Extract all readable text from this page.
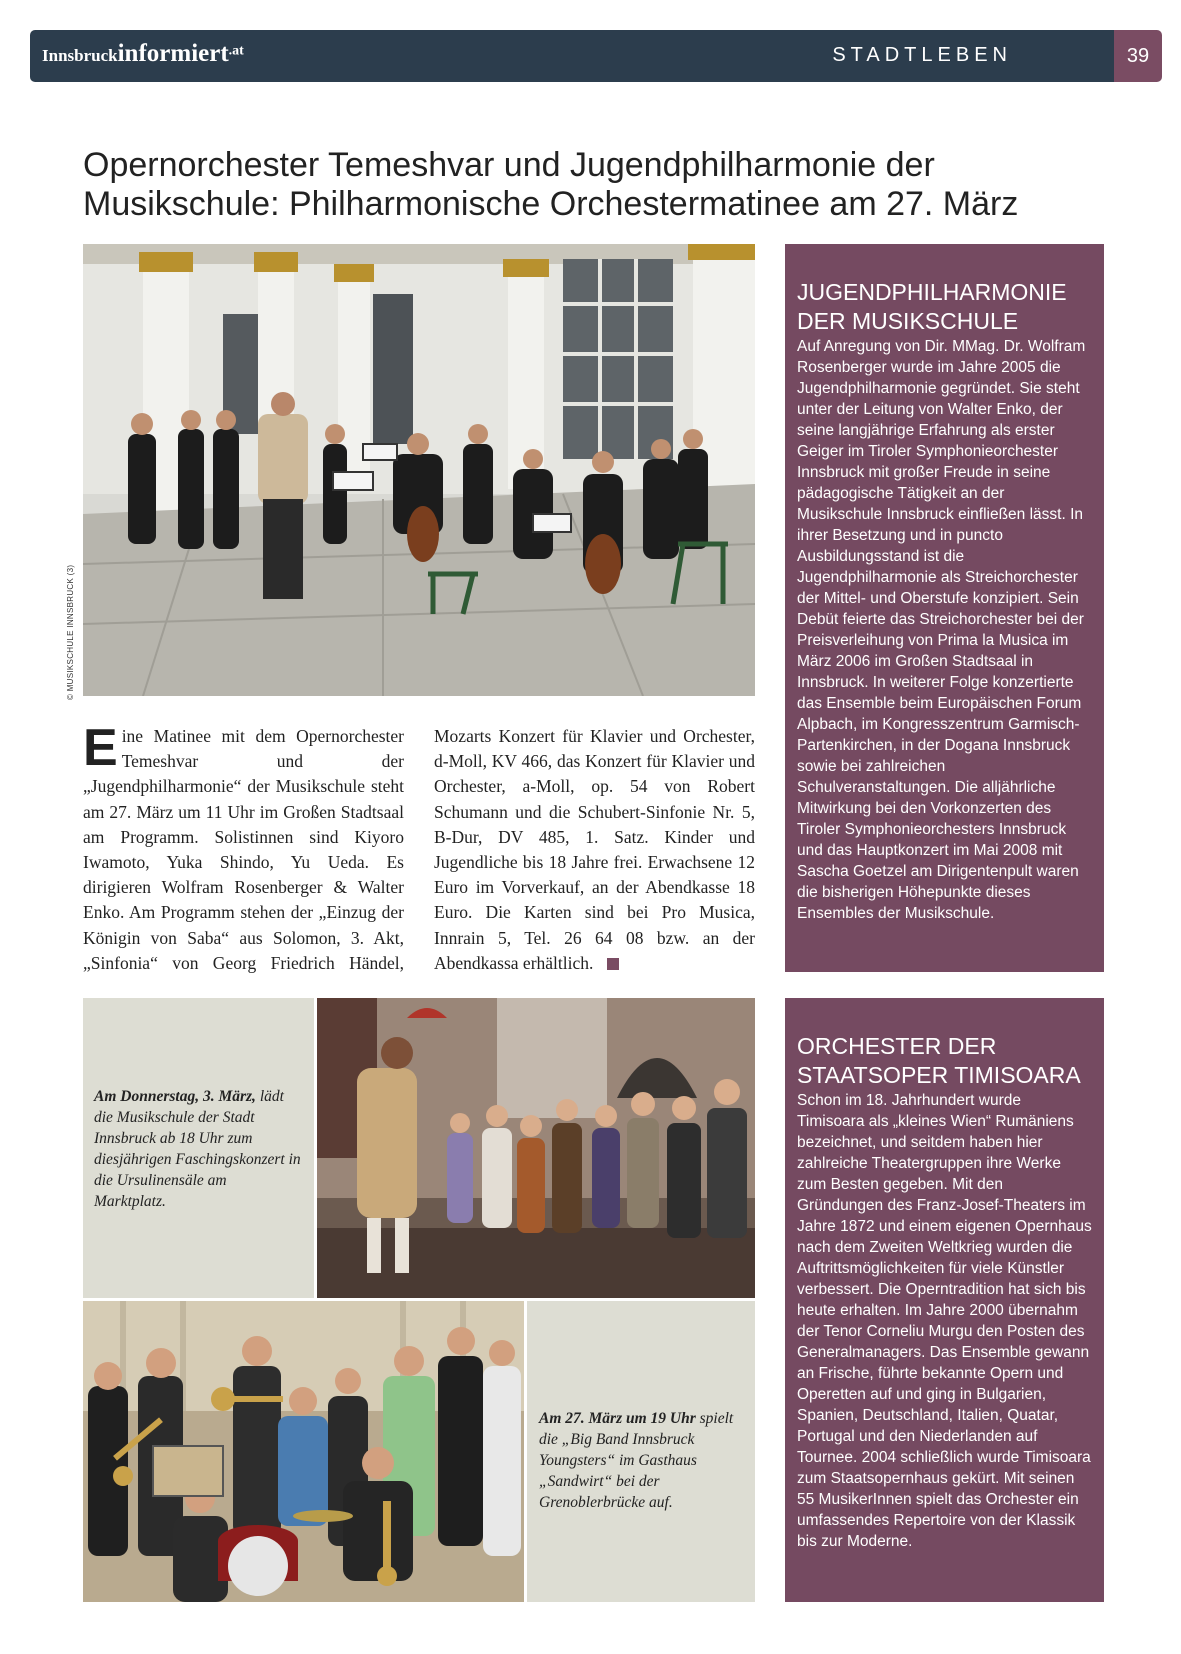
Innsbruckinformiert.at	STADTLEBEN	39
Opernorchester Temeshvar und Jugendphilharmonie der Musikschule: Philharmonische Orchestermatinee am 27. März
© MUSIKSCHULE INNSBRUCK (3)
Eine Matinee mit dem Opernorchester Temeshvar und der „Jugendphilharmonie“ der Musikschule steht am 27. März um 11 Uhr im Großen Stadtsaal am Programm. Solistinnen sind Kiyoro Iwamoto, Yuka Shindo, Yu Ueda. Es dirigieren Wolfram Rosenberger & Walter Enko. Am Programm stehen der „Einzug der Königin von Saba“ aus Solomon, 3. Akt, „Sinfonia“ von Georg Friedrich Händel, Mozarts Konzert für Klavier und Orchester, d-Moll, KV 466, das Konzert für Klavier und Orchester, a-Moll, op. 54 von Robert Schumann und die Schubert-Sinfonie Nr. 5, B-Dur, DV 485, 1. Satz. Kinder und Jugendliche bis 18 Jahre frei. Erwachsene 12 Euro im Vorverkauf, an der Abendkasse 18 Euro. Die Karten sind bei Pro Musica, Innrain 5, Tel. 26 64 08 bzw. an der Abendkassa erhältlich.
JUGENDPHILHARMONIE
DER MUSIKSCHULE

Auf Anregung von Dir. MMag. Dr. Wolfram Rosenberger wurde im Jahre 2005 die Jugendphilharmonie gegründet. Sie steht unter der Leitung von Walter Enko, der seine langjährige Erfahrung als erster Geiger im Tiroler Symphonieorchester Innsbruck mit großer Freude in seine pädagogische Tätigkeit an der Musikschule Innsbruck einfließen lässt. In ihrer Besetzung und in puncto Ausbildungsstand ist die Jugendphilharmonie als Streichorchester der Mittel- und Oberstufe konzipiert. Sein Debüt feierte das Streichorchester bei der Preisverleihung von Prima la Musica im März 2006 im Großen Stadtsaal in Innsbruck. In weiterer Folge konzertierte das Ensemble beim Europäischen Forum Alpbach, im Kongresszentrum Garmisch-Partenkirchen, in der Dogana Innsbruck sowie bei zahlreichen Schulveranstaltungen. Die alljährliche Mitwirkung bei den Vorkonzerten des Tiroler Symphonieorchesters Innsbruck und das Hauptkonzert im Mai 2008 mit Sascha Goetzel am Dirigentenpult waren die bisherigen Höhepunkte dieses Ensembles der Musikschule.

ORCHESTER DER
STAATSOPER TIMISOARA

Schon im 18. Jahrhundert wurde Timisoara als „kleines Wien“ Rumäniens bezeichnet, und seitdem haben hier zahlreiche Theatergruppen ihre Werke zum Besten gegeben. Mit den Gründungen des Franz-Josef-Theaters im Jahre 1872 und einem eigenen Opernhaus nach dem Zweiten Weltkrieg wurden die Auftrittsmöglichkeiten für viele Künstler verbessert. Die Operntradition hat sich bis heute erhalten. Im Jahre 2000 übernahm der Tenor Corneliu Murgu den Posten des Generalmanagers. Das Ensemble gewann an Frische, führte bekannte Opern und Operetten auf und ging in Bulgarien, Spanien, Deutschland, Italien, Quatar, Portugal und den Niederlanden auf Tournee. 2004 schließlich wurde Timisoara zum Staatsopernhaus gekürt. Mit seinen 55 MusikerInnen spielt das Orchester ein umfassendes Repertoire von der Klassik bis zur Moderne.

Am Donnerstag, 3. März, lädt die Musikschule der Stadt Innsbruck ab 18 Uhr zum diesjährigen Faschingskonzert in die Ursulinensäle am Marktplatz.
Am 27. März um 19 Uhr spielt die „Big Band Innsbruck Youngsters“ im Gasthaus „Sandwirt“ bei der Grenoblerbrücke auf.
